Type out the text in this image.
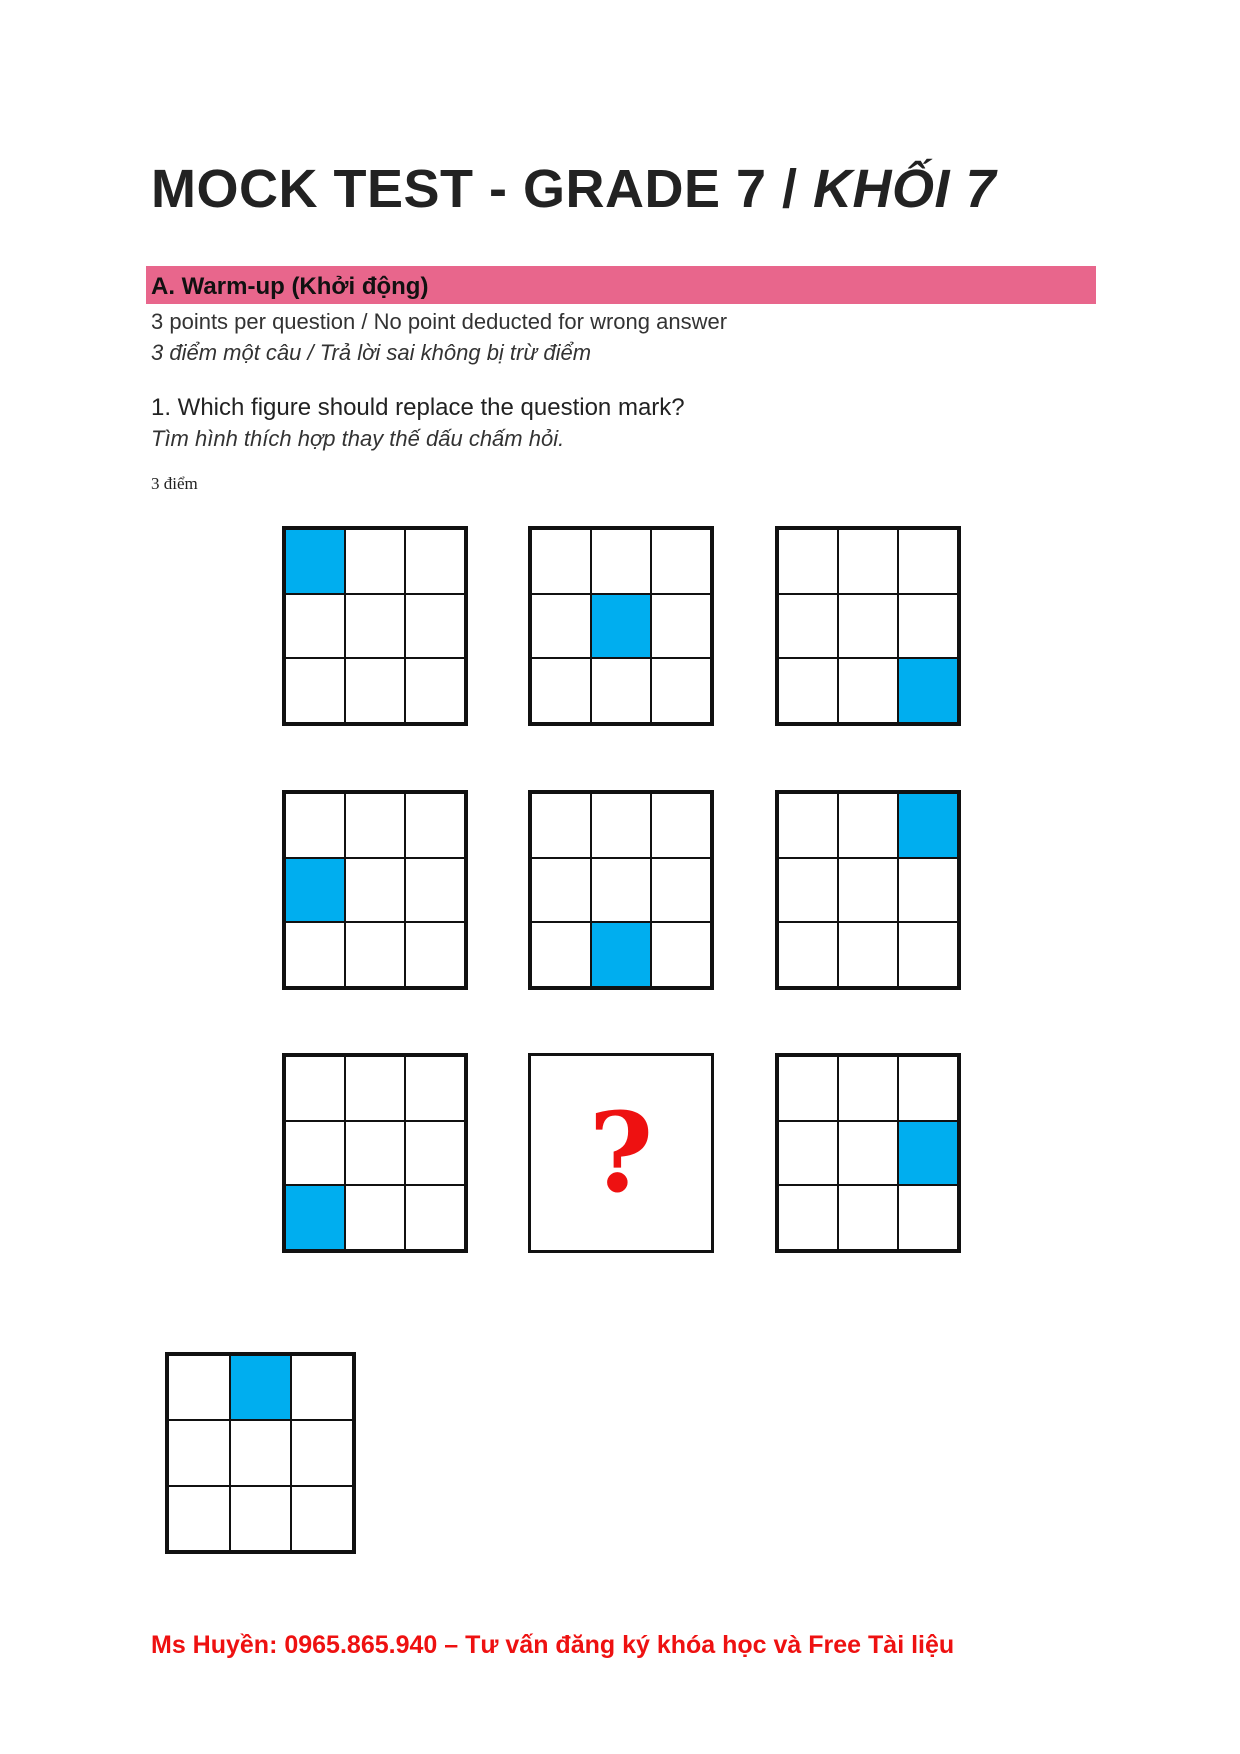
MOCK TEST - GRADE 7 / KHỐI 7
A. Warm-up (Khởi động)
3 points per question / No point deducted for wrong answer
3 điểm một câu / Trả lời sai không bị trừ điểm
1. Which figure should replace the question mark?
Tìm hình thích hợp thay thế dấu chấm hỏi.
3 điểm
?
Ms Huyền: 0965.865.940 – Tư vấn đăng ký khóa học và Free Tài liệu
